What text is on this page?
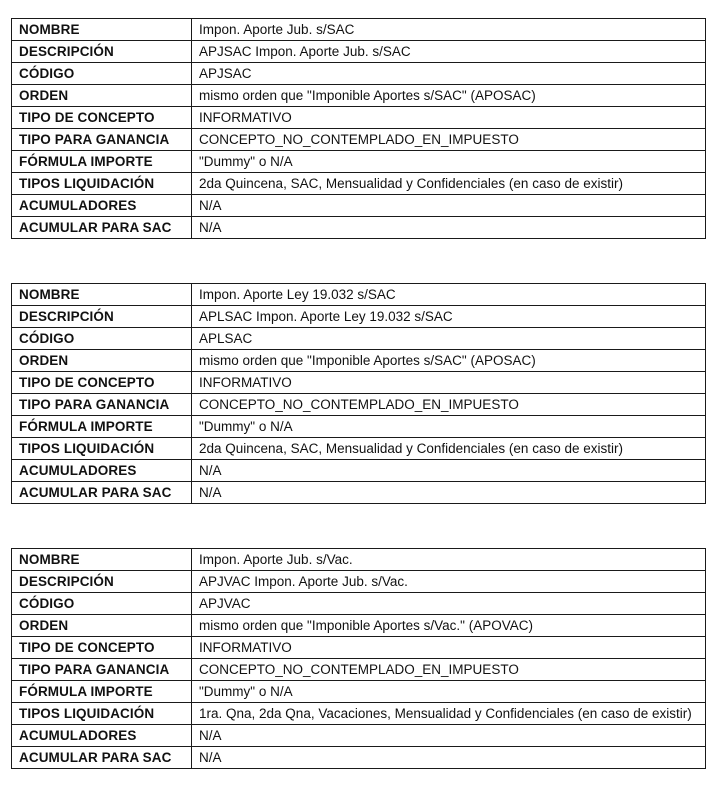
NOMBRE	Impon. Aporte Jub. s/SAC
DESCRIPCIÓN	APJSAC Impon. Aporte Jub. s/SAC
CÓDIGO	APJSAC
ORDEN	mismo orden que "Imponible Aportes s/SAC" (APOSAC)
TIPO DE CONCEPTO	INFORMATIVO
TIPO PARA GANANCIA	CONCEPTO_NO_CONTEMPLADO_EN_IMPUESTO
FÓRMULA IMPORTE	"Dummy" o N/A
TIPOS LIQUIDACIÓN	2da Quincena, SAC, Mensualidad y Confidenciales (en caso de existir)
ACUMULADORES	N/A
ACUMULAR PARA SAC	N/A
NOMBRE	Impon. Aporte Ley 19.032 s/SAC
DESCRIPCIÓN	APLSAC Impon. Aporte Ley 19.032 s/SAC
CÓDIGO	APLSAC
ORDEN	mismo orden que "Imponible Aportes s/SAC" (APOSAC)
TIPO DE CONCEPTO	INFORMATIVO
TIPO PARA GANANCIA	CONCEPTO_NO_CONTEMPLADO_EN_IMPUESTO
FÓRMULA IMPORTE	"Dummy" o N/A
TIPOS LIQUIDACIÓN	2da Quincena, SAC, Mensualidad y Confidenciales (en caso de existir)
ACUMULADORES	N/A
ACUMULAR PARA SAC	N/A
NOMBRE	Impon. Aporte Jub. s/Vac.
DESCRIPCIÓN	APJVAC Impon. Aporte Jub. s/Vac.
CÓDIGO	APJVAC
ORDEN	mismo orden que "Imponible Aportes s/Vac." (APOVAC)
TIPO DE CONCEPTO	INFORMATIVO
TIPO PARA GANANCIA	CONCEPTO_NO_CONTEMPLADO_EN_IMPUESTO
FÓRMULA IMPORTE	"Dummy" o N/A
TIPOS LIQUIDACIÓN	1ra. Qna, 2da Qna, Vacaciones, Mensualidad y Confidenciales (en caso de existir)
ACUMULADORES	N/A
ACUMULAR PARA SAC	N/A
